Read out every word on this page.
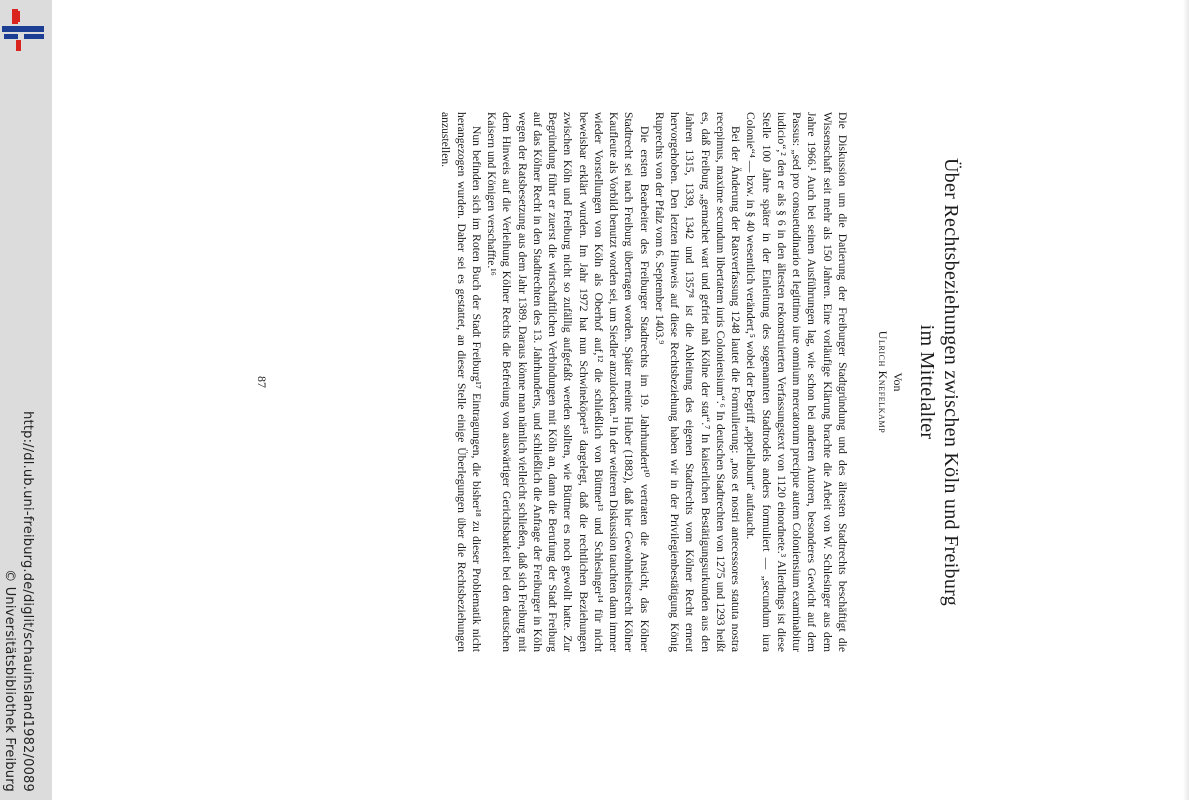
http://dl.ub.uni-freiburg.de/diglit/schauinsland1982/0089
© Universitätsbibliothek Freiburg
Über Rechtsbeziehungen zwischen Köln und Freiburg
im Mittelalter
Von
Ulrich Knefelkamp

Die Diskussion um die Datierung der Freiburger Stadtgründung und des ältesten Stadtrechts beschäftigt die Wissenschaft seit mehr als 150 Jahren. Eine vorläufige Klärung brachte die Arbeit von W. Schlesinger aus dem Jahre 1966.¹ Auch bei seinen Ausführungen lag, wie schon bei anderen Autoren, besonderes Gewicht auf dem Passus: „sed pro consuetudinario et legittimo iure omnium mercatorum precipue autem Coloniensium examinabitur iudicio“,² den er als § 6 in den ältesten rekonstruierten Verfassungstext von 1120 einordnete.³ Allerdings ist diese Stelle 100 Jahre später in der Einleitung des sogenannten Stadtrodels anders formuliert — „secundum iura Colonie“⁴ — bzw. in § 40 wesentlich verändert,⁵ wobei der Begriff „appellabunt“ auftaucht.

Bei der Änderung der Ratsverfassung 1248 lautet die Formulierung: „nos et nostri antecessores statuta nostra recepimus, maxime secundum libertatem iuris Coloniensium“.⁶ In deutschen Stadtrechten von 1275 und 1293 heißt es, daß Freiburg „gemachet wart und gefriet nah Kölne der stat“.⁷ In kaiserlichen Bestätigungsurkunden aus den Jahren 1315, 1339, 1342 und 1357⁸ ist die Ableitung des eigenen Stadtrechts vom Kölner Recht erneut hervorgehoben. Den letzten Hinweis auf diese Rechtsbeziehung haben wir in der Privilegienbestätigung König Ruprechts von der Pfalz vom 6. September 1403.⁹

Die ersten Bearbeiter des Freiburger Stadtrechts im 19. Jahrhundert¹⁰ vertraten die Ansicht, das Kölner Stadtrecht sei nach Freiburg übertragen worden. Später meinte Huber (1882), daß hier Gewohnheitsrecht Kölner Kaufleute als Vorbild benutzt worden sei, um Siedler anzulocken.¹¹ In der weiteren Diskussion tauchten dann immer wieder Vorstellungen von Köln als Oberhof auf,¹² die schließlich von Büttner¹³ und Schlesinger¹⁴ für nicht beweisbar erklärt wurden. Im Jahr 1972 hat nun Schwineköper¹⁵ dargelegt, daß die rechtlichen Beziehungen zwischen Köln und Freiburg nicht so zufällig aufgefaßt werden sollten, wie Büttner es noch gewollt hatte. Zur Begründung führt er zuerst die wirtschaftlichen Verbindungen mit Köln an, dann die Berufung der Stadt Freiburg auf das Kölner Recht in den Stadtrechten des 13. Jahrhunderts, und schließlich die Anfrage der Freiburger in Köln wegen der Ratsbesetzung aus dem Jahr 1389. Daraus könne man nämlich vielleicht schließen, daß sich Freiburg mit dem Hinweis auf die Verleihung Kölner Rechts die Befreiung von auswärtiger Gerichtsbarkeit bei den deutschen Kaisern und Königen verschaffte.¹⁶

Nun befinden sich im Roten Buch der Stadt Freiburg¹⁷ Eintragungen, die bisher¹⁸ zu dieser Problematik nicht herangezogen wurden. Daher sei es gestattet, an dieser Stelle einige Überlegungen über die Rechtsbeziehungen anzustellen.

87
